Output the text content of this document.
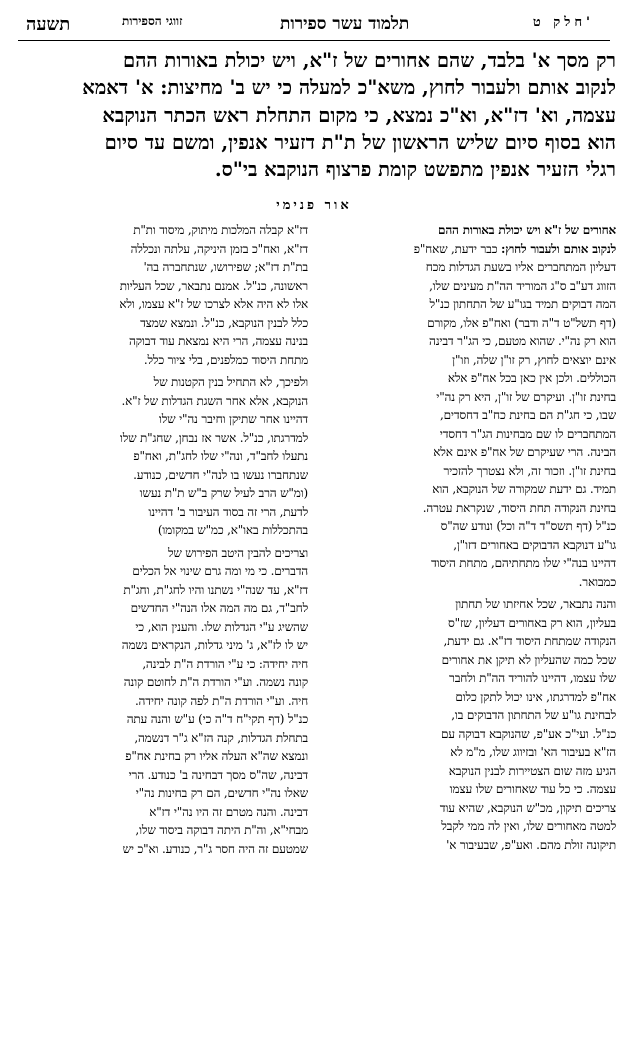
תשעה	זווגי הספירות	תלמוד עשר ספירות	חלק ט'

רק מסך א' בלבד, שהם אחורים של ז"א, ויש יכולת באורות ההם

לנקוב אותם ולעבור לחוץ, משא"כ למעלה כי יש ב' מחיצות: א' דאמא

עצמה, וא' דז"א, וא"כ נמצא, כי מקום התחלת ראש הכתר הנוקבא

הוא בסוף סיום שליש הראשון של ת"ת דזעיר אנפין, ומשם עד סיום

רגלי הזעיר אנפין מתפשט קומת פרצוף הנוקבא בי"ס.

אור פנימי

אחורים של ז"א ויש יכולת באורות ההם

לנקוב אותם ולעבור לחוץ: כבר ידעת, שאח"פ

דעליון המתחברים אליו בשעת הגדלות מכח

הזווג דע"ב ס"ג המוריד הה"ת מעינים שלו,

המה דבוקים תמיד בגו"ע של התחתון כנ"ל

(דף תשל"ט ד"ה ודבר) ואח"פ אלו, מקורם

הוא רק נה"י. שהוא מטעם, כי הג"ר דבינה

אינם יוצאים לחוץ, רק זו"ן שלה, וזו"ן

הכוללים. ולכן אין כאן בכל אח"פ אלא

בחינת זו"ן. ועיקרם של זו"ן, היא רק נה"י

שבו, כי חג"ת הם בחינת כח"ב דחסדים,

המתחברים לו שם מבחינות הג"ר דחסדי

הבינה. הרי שעיקרם של אח"פ אינם אלא

בחינת זו"ן. וזכור זה, ולא נצטרך להזכיר

תמיד. גם ידעת שמקורה של הנוקבא, הוא

בחינת הנקודה תחת היסוד, שנקראת עטרה.

כנ"ל (דף תשס"ד ד"ה וכל) ונודע שה"ס

גו"ע דנוקבא הדבוקים באחורים דזו"ן,

דהיינו בנה"י שלו מתחתיהם, מתחת היסוד

כמבואר.

והנה נתבאר, שכל אחיזתו של תחתון

בעליון, הוא רק באחורים דעליון, שז"ס

הנקודה שמתחת היסוד דז"א. גם ידעת,

שכל כמה שהעליון לא תיקן את אחורים

שלו עצמו, דהיינו להוריד הה"ת ולחבר

אח"פ למדרגתו, אינו יכול לתקן כלום

לבחינת גו"ע של התחתון הדבוקים בו,

כנ"ל. ועי"כ אע"פ, שהנוקבא דבוקה עם

הז"א בעיבור הא' ובזיווג שלו, מ"מ לא

הגיע מזה שום הצטיירות לבנין הנוקבא

עצמה. כי כל עוד שאחורים שלו עצמו

צריכים תיקון, מכ"ש הנוקבא, שהיא עוד

למטה מאחורים שלו, ואין לה ממי לקבל

תיקונה זולת מהם. ואע"פ, שבעיבור א'

דז"א קבלה המלכות מיתוק, מיסוד ות"ת

דז"א, ואח"כ בזמן היניקה, עלתה ונכללה

בת"ת דז"א; שפירושו, שנתחברה בה'

ראשונה, כנ"ל. אמנם נתבאר, שכל העליות

אלו לא היה אלא לצרכו של ז"א עצמו, ולא

כלל לבנין הנוקבא, כנ"ל. ונמצא שמצד

בנינה עצמה, הרי היא נמצאת עוד דבוקה

מתחת היסוד כמלפנים, בלי ציור כלל.

ולפיכך, לא התחיל בנין הקטנות של

הנוקבא, אלא אחר השגת הגדלות של ז"א.

דהיינו אחר שתיקן וחיבר נה"י שלו

למדרגתו, כנ"ל. אשר אז נבחן, שחג"ת שלו

נתעלו לחב"ד, ונה"י שלו לחג"ת, ואח"פ

שנתחברו נעשו בו לנה"י חדשים, כנודע.

(ומ"ש הרב לעיל שרק ב"ש ת"ת נעשו

לדעת, הרי זה בסוד העיבור ב' דהיינו

בהתכללות באו"א, כמ"ש במקומו)

וצריכים להבין היטב הפירוש של

הדברים. כי מי ומה גרם שינוי אל הכלים

דז"א, עד שנה"י נשתנו והיו לחג"ת, וחג"ת

לחב"ד, גם מה המה אלו הנה"י החדשים

שהשיג ע"י הגדלות שלו. והענין הוא, כי

יש לו לז"א, ג' מיני גדלות, הנקראים נשמה

חיה יחידה: כי ע"י הורדת ה"ת לבינה,

קונה נשמה. וע"י הורדת ה"ת לחוטם קונה

חיה. וע"י הורדת ה"ת לפה קונה יחידה.

כנ"ל (דף תקי"ח ד"ה כי) ע"ש והנה עתה

בתחלת הגדלות, קנה הז"א ג"ר דנשמה,

ונמצא שה"א העלה אליו רק בחינת אח"פ

דבינה, שה"ס מסך דבחינה ב' כנודע. הרי

שאלו נה"י חדשים, הם רק בחינות נה"י

דבינה. והנה מטרם זה היו נה"י דז"א

מבחי"א, וה"ת היתה דבוקה ביסוד שלו,

שמטעם זה היה חסר ג"ר, כנודע. וא"כ יש
